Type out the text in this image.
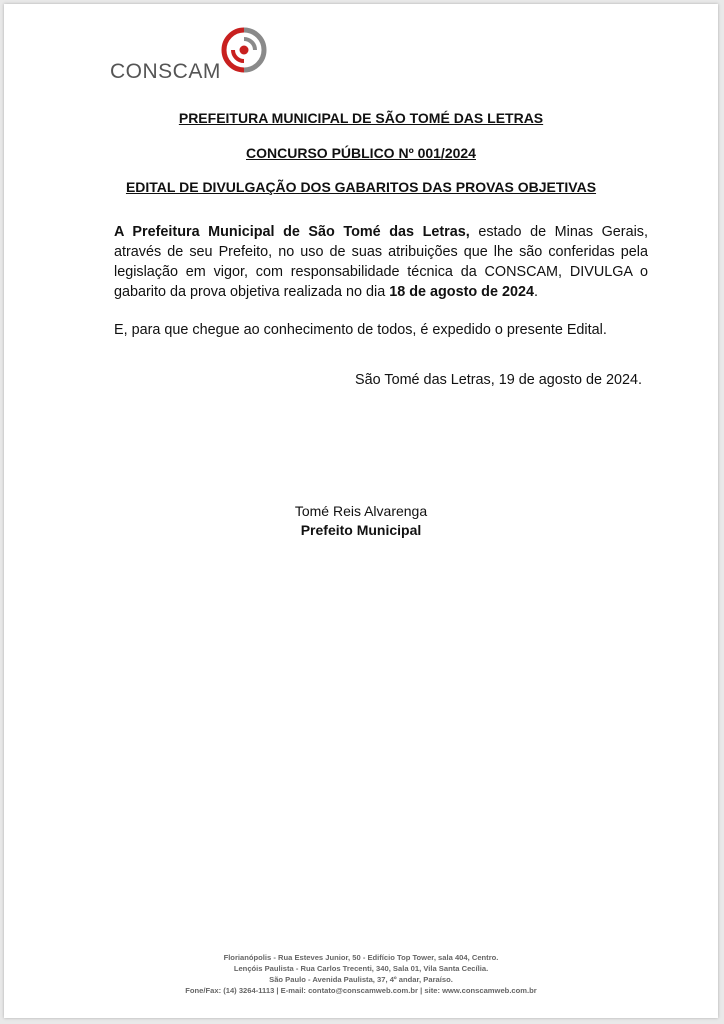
CONSCAM
PREFEITURA MUNICIPAL DE SÃO TOMÉ DAS LETRAS
CONCURSO PÚBLICO Nº 001/2024
EDITAL DE DIVULGAÇÃO DOS GABARITOS DAS PROVAS OBJETIVAS
A Prefeitura Municipal de São Tomé das Letras, estado de Minas Gerais, através de seu Prefeito, no uso de suas atribuições que lhe são conferidas pela legislação em vigor, com responsabilidade técnica da CONSCAM, DIVULGA o gabarito da prova objetiva realizada no dia 18 de agosto de 2024.
E, para que chegue ao conhecimento de todos, é expedido o presente Edital.
São Tomé das Letras, 19 de agosto de 2024.
Tomé Reis Alvarenga
Prefeito Municipal
Florianópolis - Rua Esteves Junior, 50 - Edifício Top Tower, sala 404, Centro.
Lençóis Paulista - Rua Carlos Trecenti, 340, Sala 01, Vila Santa Cecília.
São Paulo - Avenida Paulista, 37, 4º andar, Paraíso.
Fone/Fax: (14) 3264-1113 | E-mail: contato@conscamweb.com.br | site: www.conscamweb.com.br
